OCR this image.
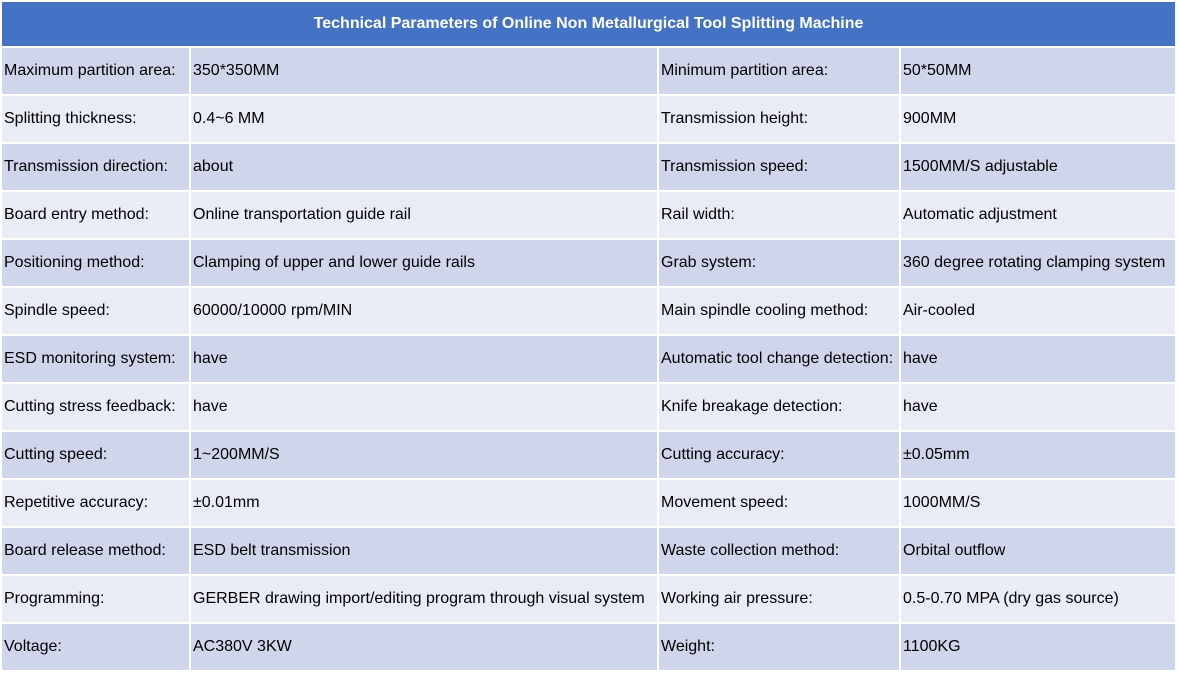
Technical Parameters of Online Non Metallurgical Tool Splitting Machine			
Maximum partition area:	350*350MM	Minimum partition area:	50*50MM
Splitting thickness:	0.4~6 MM	Transmission height:	900MM
Transmission direction:	about	Transmission speed:	1500MM/S adjustable
Board entry method:	Online transportation guide rail	Rail width:	Automatic adjustment
Positioning method:	Clamping of upper and lower guide rails	Grab system:	360 degree rotating clamping system
Spindle speed:	60000/10000 rpm/MIN	Main spindle cooling method:	Air-cooled
ESD monitoring system:	have	Automatic tool change detection:	have
Cutting stress feedback:	have	Knife breakage detection:	have
Cutting speed:	1~200MM/S	Cutting accuracy:	±0.05mm
Repetitive accuracy:	±0.01mm	Movement speed:	1000MM/S
Board release method:	ESD belt transmission	Waste collection method:	Orbital outflow
Programming:	GERBER drawing import/editing program through visual system	Working air pressure:	0.5-0.70 MPA (dry gas source)
Voltage:	AC380V 3KW	Weight:	1100KG
